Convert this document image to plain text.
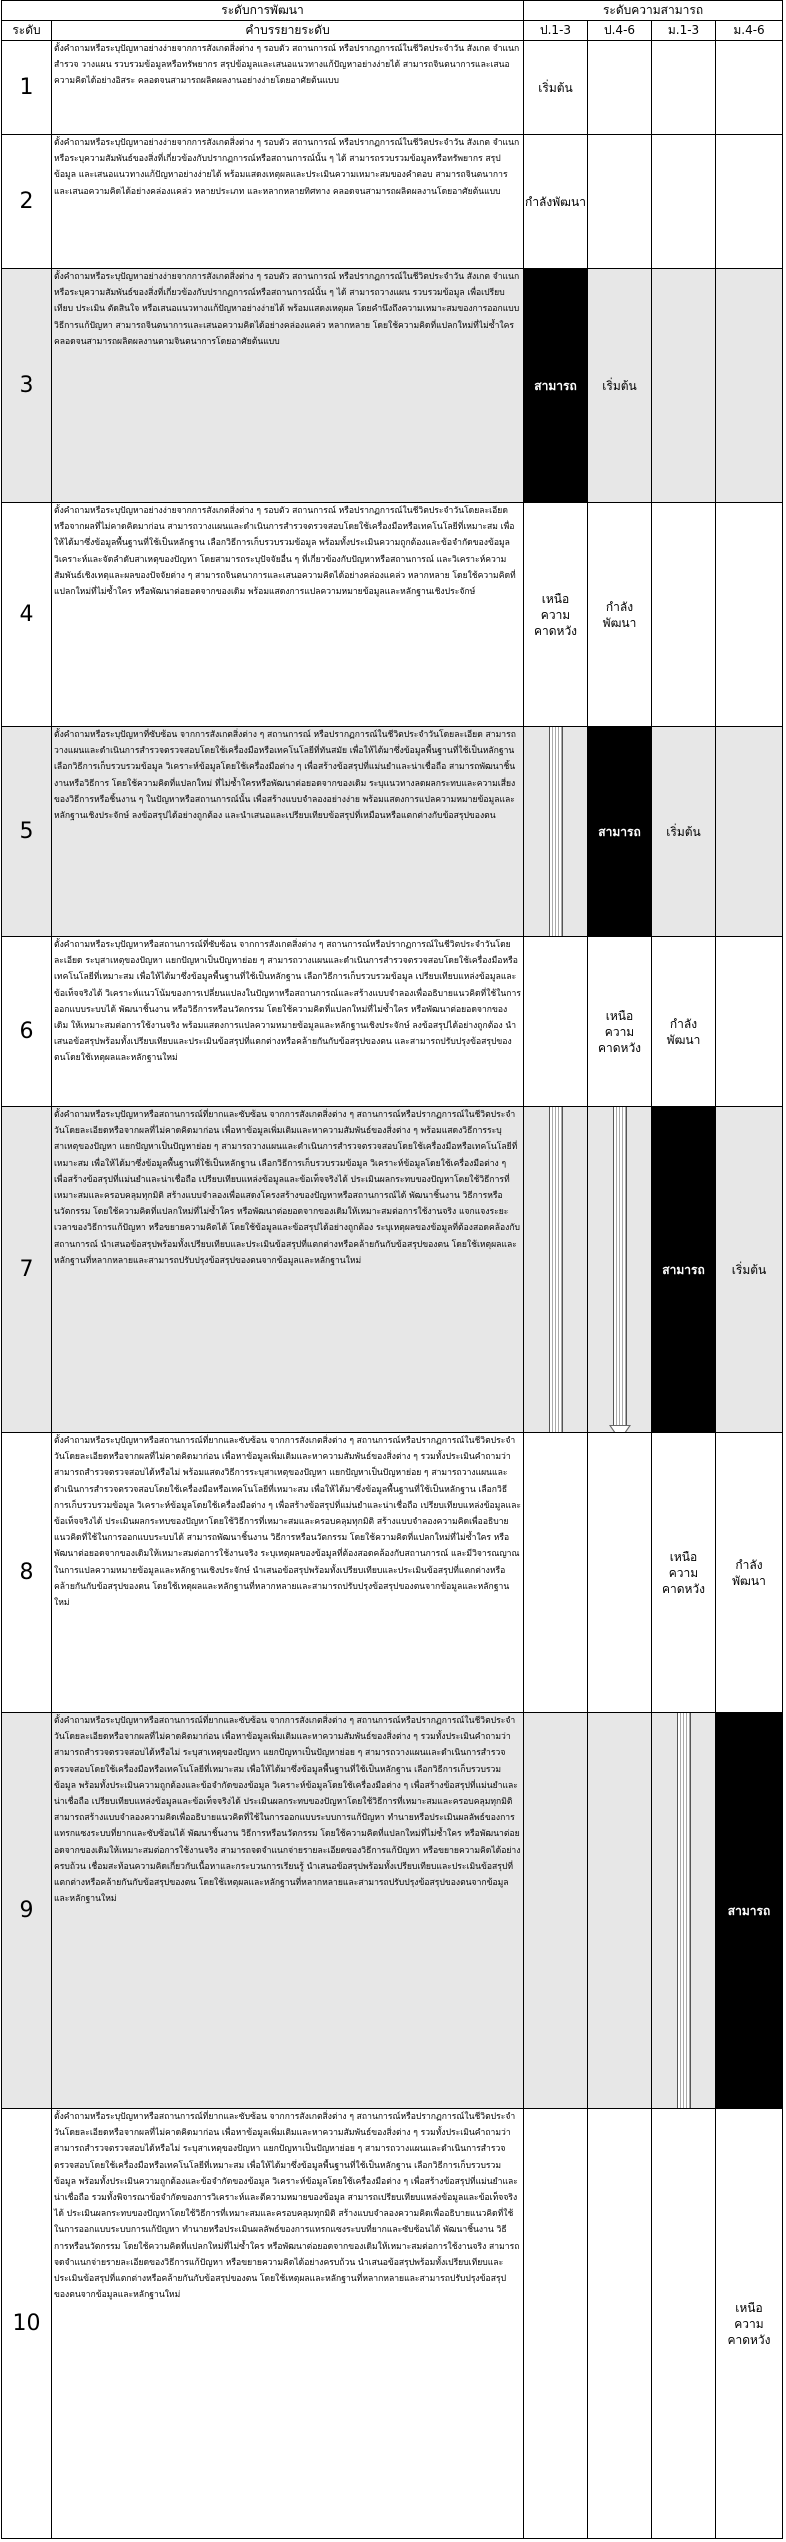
ระดับการพัฒนา		ระดับความสามารถ			
ระดับ	คำบรรยายระดับ	ป.1-3	ป.4-6	ม.1-3	ม.4-6
1	ตั้งคำถามหรือระบุปัญหาอย่างง่ายจากการสังเกตสิ่งต่าง ๆ รอบตัว สถานการณ์ หรือปรากฏการณ์ในชีวิตประจำวัน สังเกต จำแนก สำรวจ วางแผน รวบรวมข้อมูลหรือทรัพยากร สรุปข้อมูลและเสนอแนวทางแก้ปัญหาอย่างง่ายได้ สามารถจินตนาการและเสนอความคิดได้อย่างอิสระ คลอดจนสามารถผลิตผลงานอย่างง่ายโดยอาศัยต้นแบบ	เริ่มต้น			
2	ตั้งคำถามหรือระบุปัญหาอย่างง่ายจากการสังเกตสิ่งต่าง ๆ รอบตัว สถานการณ์ หรือปรากฏการณ์ในชีวิตประจำวัน สังเกต จำแนก หรือระบุความสัมพันธ์ของสิ่งที่เกี่ยวข้องกับปรากฏการณ์หรือสถานการณ์นั้น ๆ ได้ สามารถรวบรวมข้อมูลหรือทรัพยากร สรุปข้อมูล และเสนอแนวทางแก้ปัญหาอย่างง่ายได้ พร้อมแสดงเหตุผลและประเมินความเหมาะสมของคำตอบ สามารถจินตนาการและเสนอความคิดได้อย่างคล่องแคล่ว หลายประเภท และหลากหลายทิศทาง คลอดจนสามารถผลิตผลงานโดยอาศัยต้นแบบ	กำลังพัฒนา			
3	ตั้งคำถามหรือระบุปัญหาอย่างง่ายจากการสังเกตสิ่งต่าง ๆ รอบตัว สถานการณ์ หรือปรากฏการณ์ในชีวิตประจำวัน สังเกต จำแนก หรือระบุความสัมพันธ์ของสิ่งที่เกี่ยวข้องกับปรากฏการณ์หรือสถานการณ์นั้น ๆ ได้ สามารถวางแผน รวบรวมข้อมูล เพื่อเปรียบเทียบ ประเมิน ตัดสินใจ หรือเสนอแนวทางแก้ปัญหาอย่างง่ายได้ พร้อมแสดงเหตุผล โดยคำนึงถึงความเหมาะสมของการออกแบบวิธีการแก้ปัญหา สามารถจินตนาการและเสนอความคิดได้อย่างคล่องแคล่ว หลากหลาย โดยใช้ความคิดที่แปลกใหม่ที่ไม่ซ้ำใคร คลอดจนสามารถผลิตผลงานตามจินตนาการโดยอาศัยต้นแบบ	สามารถ	เริ่มต้น		
4	ตั้งคำถามหรือระบุปัญหาอย่างง่ายจากการสังเกตสิ่งต่าง ๆ รอบตัว สถานการณ์ หรือปรากฏการณ์ในชีวิตประจำวันโดยละเอียดหรือจากผลที่ไม่คาดคิดมาก่อน สามารถวางแผนและดำเนินการสำรวจตรวจสอบโดยใช้เครื่องมือหรือเทคโนโลยีที่เหมาะสม เพื่อให้ได้มาซึ่งข้อมูลพื้นฐานที่ใช้เป็นหลักฐาน เลือกวิธีการเก็บรวบรวมข้อมูล พร้อมทั้งประเมินความถูกต้องและข้อจำกัดของข้อมูล วิเคราะห์และจัดลำดับสาเหตุของปัญหา โดยสามารถระบุปัจจัยอื่น ๆ ที่เกี่ยวข้องกับปัญหาหรือสถานการณ์ และวิเคราะห์ความสัมพันธ์เชิงเหตุและผลของปัจจัยต่าง ๆ สามารถจินตนาการและเสนอความคิดได้อย่างคล่องแคล่ว หลากหลาย โดยใช้ความคิดที่แปลกใหม่ที่ไม่ซ้ำใคร หรือพัฒนาต่อยอดจากของเดิม พร้อมแสดงการแปลความหมายข้อมูลและหลักฐานเชิงประจักษ์	เหนือความคาดหวัง	กำลังพัฒนา		
5	ตั้งคำถามหรือระบุปัญหาที่ซับซ้อน จากการสังเกตสิ่งต่าง ๆ สถานการณ์ หรือปรากฏการณ์ในชีวิตประจำวันโดยละเอียด สามารถวางแผนและดำเนินการสำรวจตรวจสอบโดยใช้เครื่องมือหรือเทคโนโลยีที่ทันสมัย เพื่อให้ได้มาซึ่งข้อมูลพื้นฐานที่ใช้เป็นหลักฐาน เลือกวิธีการเก็บรวบรวมข้อมูล วิเคราะห์ข้อมูลโดยใช้เครื่องมือต่าง ๆ เพื่อสร้างข้อสรุปที่แม่นยำและน่าเชื่อถือ สามารถพัฒนาชิ้นงานหรือวิธีการ โดยใช้ความคิดที่แปลกใหม่ ที่ไม่ซ้ำใครหรือพัฒนาต่อยอดจากของเดิม ระบุแนวทางลดผลกระทบและความเสี่ยงของวิธีการหรือชิ้นงาน ๆ ในปัญหาหรือสถานการณ์นั้น เพื่อสร้างแบบจำลองอย่างง่าย พร้อมแสดงการแปลความหมายข้อมูลและหลักฐานเชิงประจักษ์ ลงข้อสรุปได้อย่างถูกต้อง และนำเสนอและเปรียบเทียบข้อสรุปที่เหมือนหรือแตกต่างกับข้อสรุปของตน		สามารถ	เริ่มต้น	
6	ตั้งคำถามหรือระบุปัญหาหรือสถานการณ์ที่ซับซ้อน จากการสังเกตสิ่งต่าง ๆ สถานการณ์หรือปรากฏการณ์ในชีวิตประจำวันโดยละเอียด ระบุสาเหตุของปัญหา แยกปัญหาเป็นปัญหาย่อย ๆ สามารถวางแผนและดำเนินการสำรวจตรวจสอบโดยใช้เครื่องมือหรือเทคโนโลยีที่เหมาะสม เพื่อให้ได้มาซึ่งข้อมูลพื้นฐานที่ใช้เป็นหลักฐาน เลือกวิธีการเก็บรวบรวมข้อมูล เปรียบเทียบแหล่งข้อมูลและข้อเท็จจริงได้ วิเคราะห์แนวโน้มของการเปลี่ยนแปลงในปัญหาหรือสถานการณ์และสร้างแบบจำลองเพื่ออธิบายแนวคิดที่ใช้ในการออกแบบระบบได้ พัฒนาชิ้นงาน หรือวิธีการหรือนวัตกรรม โดยใช้ความคิดที่แปลกใหม่ที่ไม่ซ้ำใคร หรือพัฒนาต่อยอดจากของเดิม ให้เหมาะสมต่อการใช้งานจริง พร้อมแสดงการแปลความหมายข้อมูลและหลักฐานเชิงประจักษ์ ลงข้อสรุปได้อย่างถูกต้อง นำเสนอข้อสรุปพร้อมทั้งเปรียบเทียบและประเมินข้อสรุปที่แตกต่างหรือคล้ายกันกับข้อสรุปของตน และสามารถปรับปรุงข้อสรุปของตนโดยใช้เหตุผลและหลักฐานใหม่		เหนือความคาดหวัง	กำลังพัฒนา	
7	ตั้งคำถามหรือระบุปัญหาหรือสถานการณ์ที่ยากและซับซ้อน จากการสังเกตสิ่งต่าง ๆ สถานการณ์หรือปรากฏการณ์ในชีวิตประจำวันโดยละเอียดหรือจากผลที่ไม่คาดคิดมาก่อน เพื่อหาข้อมูลเพิ่มเติมและหาความสัมพันธ์ของสิ่งต่าง ๆ พร้อมแสดงวิธีการระบุสาเหตุของปัญหา แยกปัญหาเป็นปัญหาย่อย ๆ สามารถวางแผนและดำเนินการสำรวจตรวจสอบโดยใช้เครื่องมือหรือเทคโนโลยีที่เหมาะสม เพื่อให้ได้มาซึ่งข้อมูลพื้นฐานที่ใช้เป็นหลักฐาน เลือกวิธีการเก็บรวบรวมข้อมูล วิเคราะห์ข้อมูลโดยใช้เครื่องมือต่าง ๆ เพื่อสร้างข้อสรุปที่แม่นยำและน่าเชื่อถือ เปรียบเทียบแหล่งข้อมูลและข้อเท็จจริงได้ ประเมินผลกระทบของปัญหาโดยใช้วิธีการที่เหมาะสมและครอบคลุมทุกมิติ สร้างแบบจำลองเพื่อแสดงโครงสร้างของปัญหาหรือสถานการณ์ได้ พัฒนาชิ้นงาน วิธีการหรือนวัตกรรม โดยใช้ความคิดที่แปลกใหม่ที่ไม่ซ้ำใคร หรือพัฒนาต่อยอดจากของเดิมให้เหมาะสมต่อการใช้งานจริง แจกแจงระยะเวลาของวิธีการแก้ปัญหา หรือขยายความคิดได้ โดยใช้ข้อมูลและข้อสรุปได้อย่างถูกต้อง ระบุเหตุผลของข้อมูลที่ต้องสอดคล้องกับสถานการณ์ นำเสนอข้อสรุปพร้อมทั้งเปรียบเทียบและประเมินข้อสรุปที่แตกต่างหรือคล้ายกันกับข้อสรุปของตน โดยใช้เหตุผลและหลักฐานที่หลากหลายและสามารถปรับปรุงข้อสรุปของตนจากข้อมูลและหลักฐานใหม่			สามารถ	เริ่มต้น
8	ตั้งคำถามหรือระบุปัญหาหรือสถานการณ์ที่ยากและซับซ้อน จากการสังเกตสิ่งต่าง ๆ สถานการณ์หรือปรากฏการณ์ในชีวิตประจำวันโดยละเอียดหรือจากผลที่ไม่คาดคิดมาก่อน เพื่อหาข้อมูลเพิ่มเติมและหาความสัมพันธ์ของสิ่งต่าง ๆ รวมทั้งประเมินคำถามว่าสามารถสำรวจตรวจสอบได้หรือไม่ พร้อมแสดงวิธีการระบุสาเหตุของปัญหา แยกปัญหาเป็นปัญหาย่อย ๆ สามารถวางแผนและดำเนินการสำรวจตรวจสอบโดยใช้เครื่องมือหรือเทคโนโลยีที่เหมาะสม เพื่อให้ได้มาซึ่งข้อมูลพื้นฐานที่ใช้เป็นหลักฐาน เลือกวิธีการเก็บรวบรวมข้อมูล วิเคราะห์ข้อมูลโดยใช้เครื่องมือต่าง ๆ เพื่อสร้างข้อสรุปที่แม่นยำและน่าเชื่อถือ เปรียบเทียบแหล่งข้อมูลและข้อเท็จจริงได้ ประเมินผลกระทบของปัญหาโดยใช้วิธีการที่เหมาะสมและครอบคลุมทุกมิติ สร้างแบบจำลองความคิดเพื่ออธิบายแนวคิดที่ใช้ในการออกแบบระบบได้ สามารถพัฒนาชิ้นงาน วิธีการหรือนวัตกรรม โดยใช้ความคิดที่แปลกใหม่ที่ไม่ซ้ำใคร หรือพัฒนาต่อยอดจากของเดิมให้เหมาะสมต่อการใช้งานจริง ระบุเหตุผลของข้อมูลที่ต้องสอดคล้องกับสถานการณ์ และมีวิจารณญาณในการแปลความหมายข้อมูลและหลักฐานเชิงประจักษ์ นำเสนอข้อสรุปพร้อมทั้งเปรียบเทียบและประเมินข้อสรุปที่แตกต่างหรือคล้ายกันกับข้อสรุปของตน โดยใช้เหตุผลและหลักฐานที่หลากหลายและสามารถปรับปรุงข้อสรุปของตนจากข้อมูลและหลักฐานใหม่			เหนือความคาดหวัง	กำลังพัฒนา
9	ตั้งคำถามหรือระบุปัญหาหรือสถานการณ์ที่ยากและซับซ้อน จากการสังเกตสิ่งต่าง ๆ สถานการณ์หรือปรากฏการณ์ในชีวิตประจำวันโดยละเอียดหรือจากผลที่ไม่คาดคิดมาก่อน เพื่อหาข้อมูลเพิ่มเติมและหาความสัมพันธ์ของสิ่งต่าง ๆ รวมทั้งประเมินคำถามว่าสามารถสำรวจตรวจสอบได้หรือไม่ ระบุสาเหตุของปัญหา แยกปัญหาเป็นปัญหาย่อย ๆ สามารถวางแผนและดำเนินการสำรวจตรวจสอบโดยใช้เครื่องมือหรือเทคโนโลยีที่เหมาะสม เพื่อให้ได้มาซึ่งข้อมูลพื้นฐานที่ใช้เป็นหลักฐาน เลือกวิธีการเก็บรวบรวมข้อมูล พร้อมทั้งประเมินความถูกต้องและข้อจำกัดของข้อมูล วิเคราะห์ข้อมูลโดยใช้เครื่องมือต่าง ๆ เพื่อสร้างข้อสรุปที่แม่นยำและน่าเชื่อถือ เปรียบเทียบแหล่งข้อมูลและข้อเท็จจริงได้ ประเมินผลกระทบของปัญหาโดยใช้วิธีการที่เหมาะสมและครอบคลุมทุกมิติ สามารถสร้างแบบจำลองความคิดเพื่ออธิบายแนวคิดที่ใช้ในการออกแบบระบบการแก้ปัญหา ทำนายหรือประเมินผลลัพธ์ของการแทรกแซงระบบที่ยากและซับซ้อนได้ พัฒนาชิ้นงาน วิธีการหรือนวัตกรรม โดยใช้ความคิดที่แปลกใหม่ที่ไม่ซ้ำใคร หรือพัฒนาต่อยอดจากของเดิมให้เหมาะสมต่อการใช้งานจริง สามารถจดจำแนกจ่ายรายละเอียดของวิธีการแก้ปัญหา หรือขยายความคิดได้อย่างครบถ้วน เชื่อมสะท้อนความคิดเกี่ยวกับเนื้อหาและกระบวนการเรียนรู้ นำเสนอข้อสรุปพร้อมทั้งเปรียบเทียบและประเมินข้อสรุปที่แตกต่างหรือคล้ายกันกับข้อสรุปของตน โดยใช้เหตุผลและหลักฐานที่หลากหลายและสามารถปรับปรุงข้อสรุปของตนจากข้อมูลและหลักฐานใหม่				สามารถ
10	ตั้งคำถามหรือระบุปัญหาหรือสถานการณ์ที่ยากและซับซ้อน จากการสังเกตสิ่งต่าง ๆ สถานการณ์หรือปรากฏการณ์ในชีวิตประจำวันโดยละเอียดหรือจากผลที่ไม่คาดคิดมาก่อน เพื่อหาข้อมูลเพิ่มเติมและหาความสัมพันธ์ของสิ่งต่าง ๆ รวมทั้งประเมินคำถามว่าสามารถสำรวจตรวจสอบได้หรือไม่ ระบุสาเหตุของปัญหา แยกปัญหาเป็นปัญหาย่อย ๆ สามารถวางแผนและดำเนินการสำรวจตรวจสอบโดยใช้เครื่องมือหรือเทคโนโลยีที่เหมาะสม เพื่อให้ได้มาซึ่งข้อมูลพื้นฐานที่ใช้เป็นหลักฐาน เลือกวิธีการเก็บรวบรวมข้อมูล พร้อมทั้งประเมินความถูกต้องและข้อจำกัดของข้อมูล วิเคราะห์ข้อมูลโดยใช้เครื่องมือต่าง ๆ เพื่อสร้างข้อสรุปที่แม่นยำและน่าเชื่อถือ รวมทั้งพิจารณาข้อจำกัดของการวิเคราะห์และตีความหมายของข้อมูล สามารถเปรียบเทียบแหล่งข้อมูลและข้อเท็จจริงได้ ประเมินผลกระทบของปัญหาโดยใช้วิธีการที่เหมาะสมและครอบคลุมทุกมิติ สร้างแบบจำลองความคิดเพื่ออธิบายแนวคิดที่ใช้ในการออกแบบระบบการแก้ปัญหา ทำนายหรือประเมินผลลัพธ์ของการแทรกแซงระบบที่ยากและซับซ้อนได้ พัฒนาชิ้นงาน วิธีการหรือนวัตกรรม โดยใช้ความคิดที่แปลกใหม่ที่ไม่ซ้ำใคร หรือพัฒนาต่อยอดจากของเดิมให้เหมาะสมต่อการใช้งานจริง สามารถจดจำแนกจ่ายรายละเอียดของวิธีการแก้ปัญหา หรือขยายความคิดได้อย่างครบถ้วน นำเสนอข้อสรุปพร้อมทั้งเปรียบเทียบและประเมินข้อสรุปที่แตกต่างหรือคล้ายกันกับข้อสรุปของตน โดยใช้เหตุผลและหลักฐานที่หลากหลายและสามารถปรับปรุงข้อสรุปของตนจากข้อมูลและหลักฐานใหม่				เหนือความคาดหวัง
